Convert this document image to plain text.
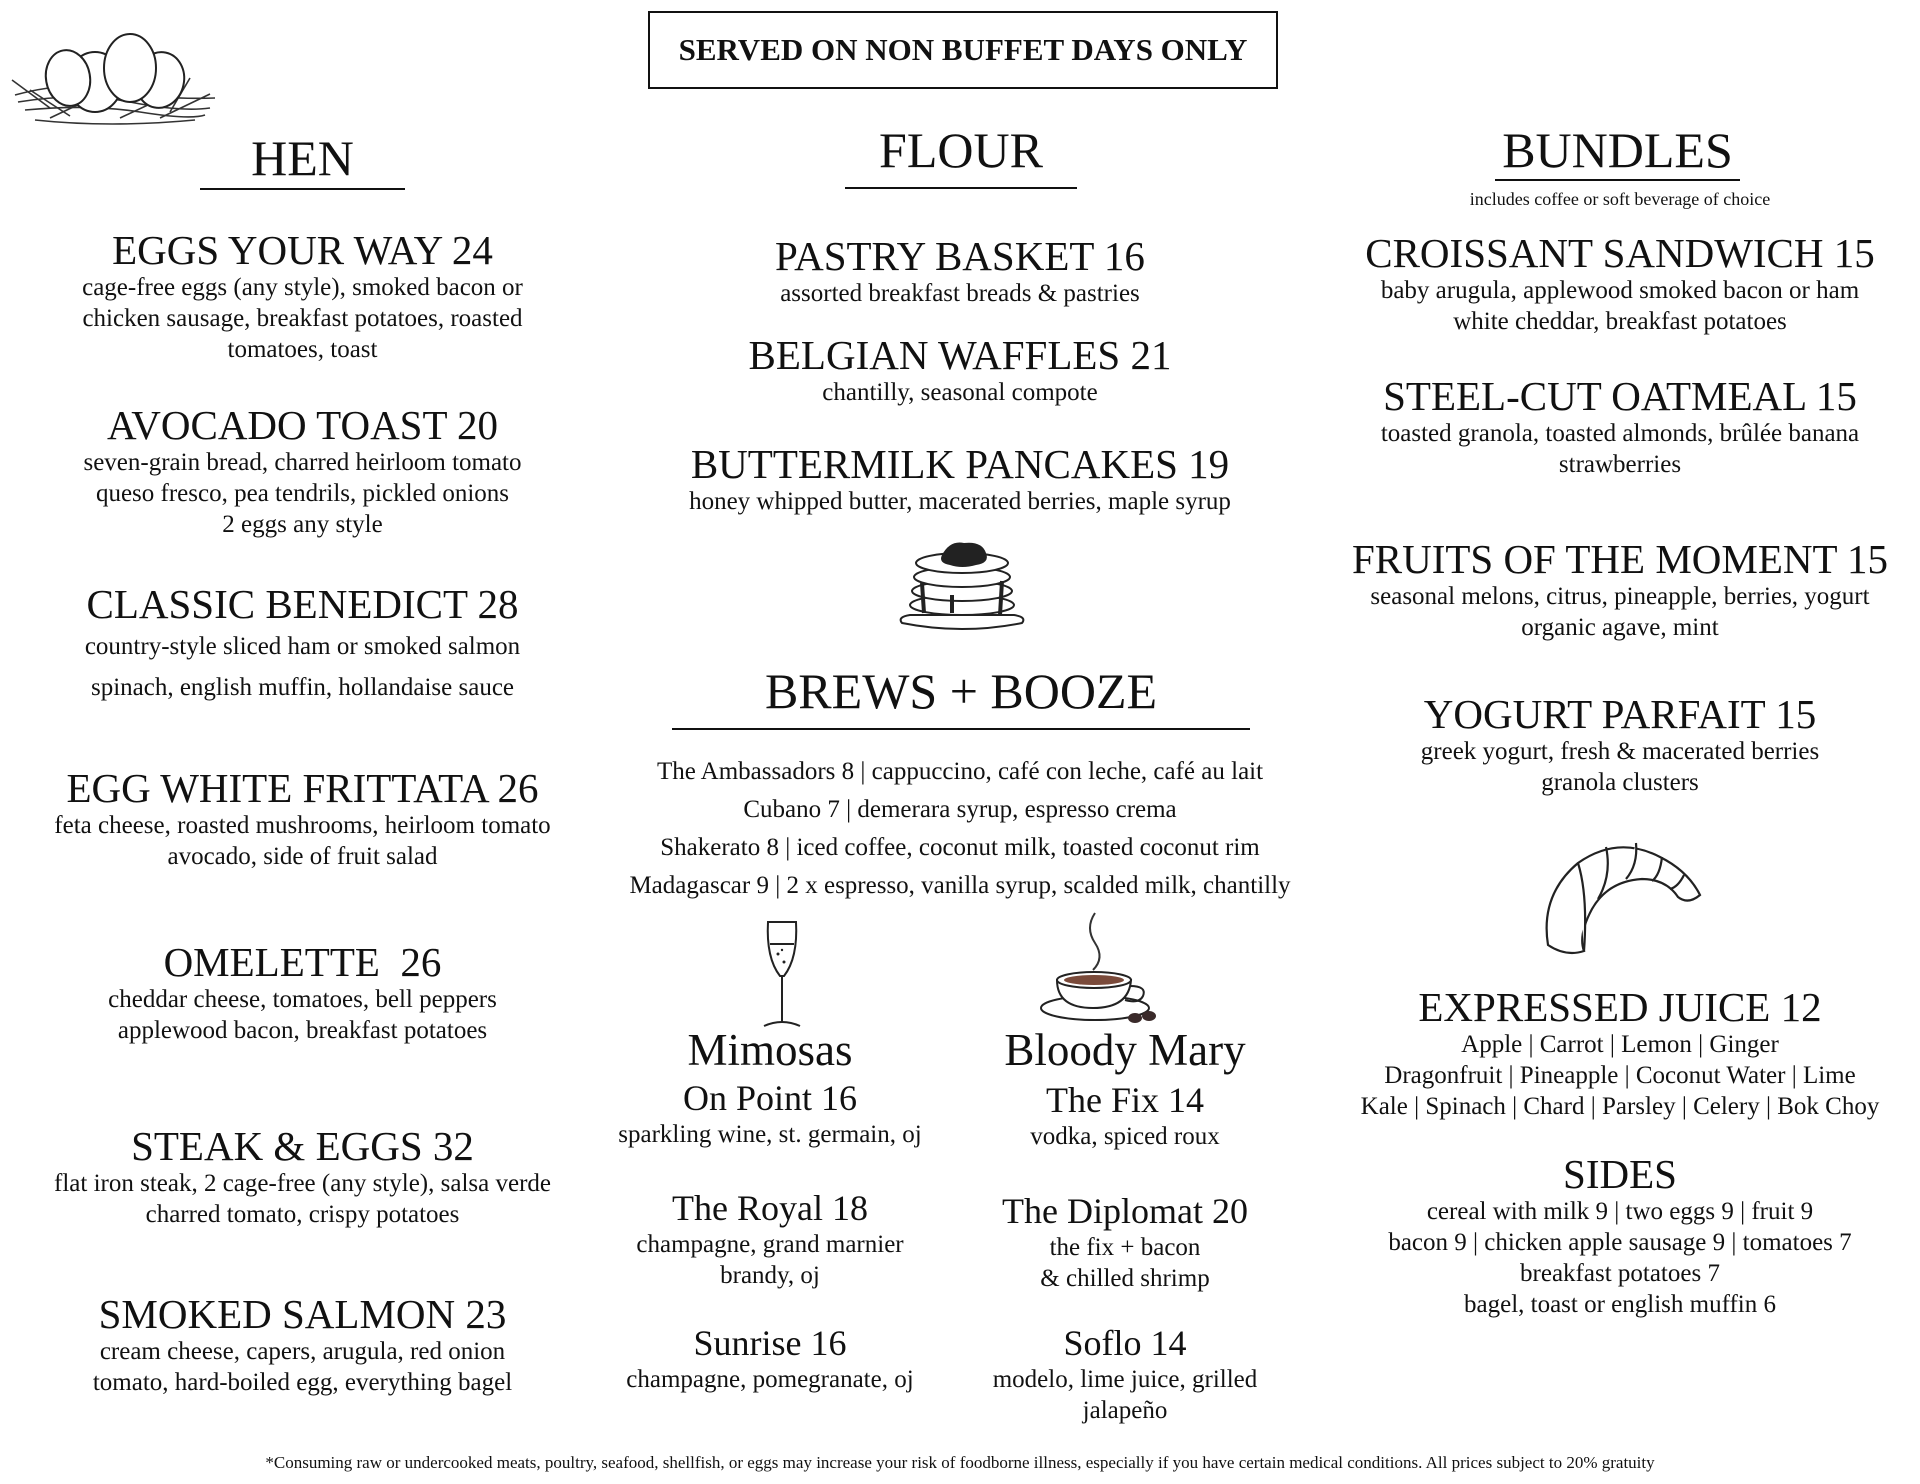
SERVED ON NON BUFFET DAYS ONLY
HEN
EGGS YOUR WAY 24
cage-free eggs (any style), smoked bacon or
chicken sausage, breakfast potatoes, roasted
tomatoes, toast
AVOCADO TOAST 20
seven-grain bread, charred heirloom tomato
queso fresco, pea tendrils, pickled onions
2 eggs any style
CLASSIC BENEDICT 28
country-style sliced ham or smoked salmon
spinach, english muffin, hollandaise sauce
EGG WHITE FRITTATA 26
feta cheese, roasted mushrooms, heirloom tomato
avocado, side of fruit salad
OMELETTE  26
cheddar cheese, tomatoes, bell peppers
applewood bacon, breakfast potatoes
STEAK & EGGS 32
flat iron steak, 2 cage-free (any style), salsa verde
charred tomato, crispy potatoes
SMOKED SALMON 23
cream cheese, capers, arugula, red onion
tomato, hard-boiled egg, everything bagel
FLOUR
PASTRY BASKET 16
assorted breakfast breads & pastries
BELGIAN WAFFLES 21
chantilly, seasonal compote
BUTTERMILK PANCAKES 19
honey whipped butter, macerated berries, maple syrup
BREWS + BOOZE
The Ambassadors 8 | cappuccino, café con leche, café au lait
Cubano 7 | demerara syrup, espresso crema
Shakerato 8 | iced coffee, coconut milk, toasted coconut rim
Madagascar 9 | 2 x espresso, vanilla syrup, scalded milk, chantilly
Mimosas
On Point 16
sparkling wine, st. germain, oj
The Royal 18
champagne, grand marnier
brandy, oj
Sunrise 16
champagne, pomegranate, oj
Bloody Mary
The Fix 14
vodka, spiced roux
The Diplomat 20
the fix + bacon
& chilled shrimp
Soflo 14
modelo, lime juice, grilled
jalapeño
BUNDLES
includes coffee or soft beverage of choice
CROISSANT SANDWICH 15
baby arugula, applewood smoked bacon or ham
white cheddar, breakfast potatoes
STEEL-CUT OATMEAL 15
toasted granola, toasted almonds, brûlée banana
strawberries
FRUITS OF THE MOMENT 15
seasonal melons, citrus, pineapple, berries, yogurt
organic agave, mint
YOGURT PARFAIT 15
greek yogurt, fresh & macerated berries
granola clusters
EXPRESSED JUICE 12
Apple | Carrot | Lemon | Ginger
Dragonfruit | Pineapple | Coconut Water | Lime
Kale | Spinach | Chard | Parsley | Celery | Bok Choy
SIDES
cereal with milk 9 | two eggs 9 | fruit 9
bacon 9 | chicken apple sausage 9 | tomatoes 7
breakfast potatoes 7
bagel, toast or english muffin 6
*Consuming raw or undercooked meats, poultry, seafood, shellfish, or eggs may increase your risk of foodborne illness, especially if you have certain medical conditions. All prices subject to 20% gratuity
